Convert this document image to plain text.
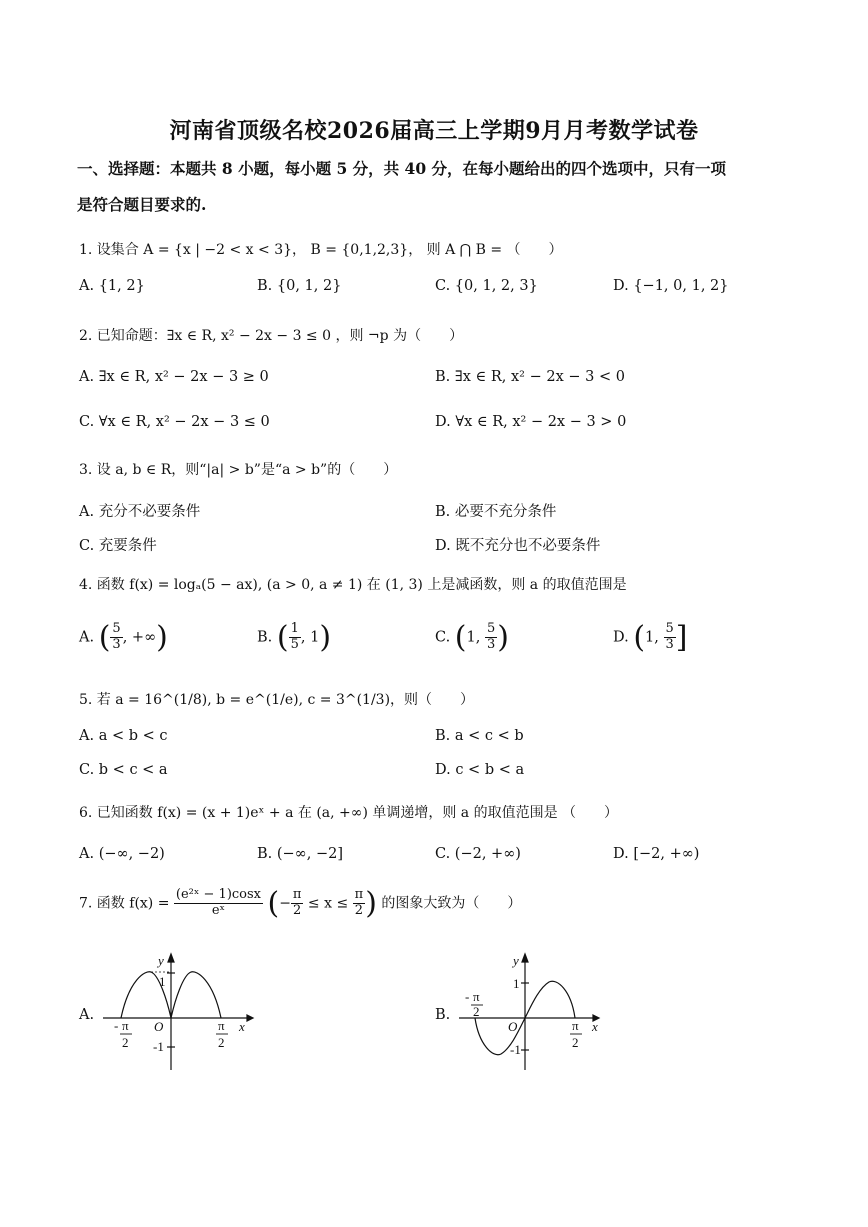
河南省顶级名校2026届高三上学期9月月考数学试卷
一、选择题：本题共 8 小题，每小题 5 分，共 40 分，在每小题给出的四个选项中，只有一项
是符合题目要求的.
1. 设集合 A = {x | −2 < x < 3}， B = {0,1,2,3}， 则 A ⋂ B = （　　）
A. {1, 2}	B. {0, 1, 2}	C. {0, 1, 2, 3}	D. {−1, 0, 1, 2}
2. 已知命题：∃x ∈ R, x² − 2x − 3 ≤ 0 ，则 ¬p 为（　　）
A. ∃x ∈ R, x² − 2x − 3 ≥ 0	B. ∃x ∈ R, x² − 2x − 3 < 0
C. ∀x ∈ R, x² − 2x − 3 ≤ 0	D. ∀x ∈ R, x² − 2x − 3 > 0
3. 设 a, b ∈ R，则“|a| > b”是“a > b”的（　　）
A. 充分不必要条件	B. 必要不充分条件
C. 充要条件	D. 既不充分也不必要条件
4. 函数 f(x) = logₐ(5 − ax), (a > 0, a ≠ 1) 在 (1, 3) 上是减函数，则 a 的取值范围是
A. ( $\frac{5}{3}$ , +∞)	B. ( $\frac{1}{5}$ , 1)	C. (1, $\frac{5}{3}$ )	D. (1, $\frac{5}{3}$ ]
5. 若 a = 16^(1/8), b = e^(1/e), c = 3^(1/3)，则（　　）
A. a < b < c	B. a < c < b
C. b < c < a	D. c < b < a
6. 已知函数 f(x) = (x + 1)eˣ + a 在 (a, +∞) 单调递增，则 a 的取值范围是 （　　）
A. (−∞, −2)	B. (−∞, −2]	C. (−2, +∞)	D. [−2, +∞)
7. 函数 $f(x) = \frac{\text{(e²ˣ − 1)cosx}}{\text{eˣ}}$ (− $\frac{\pi}{2} \le x \le \frac{\pi}{2}$ ) 的图象大致为（　　）
A.	B.
y
x
O
1
-1
- π
2
π
2
y
x
O
1
-1
- π
2
π
2
